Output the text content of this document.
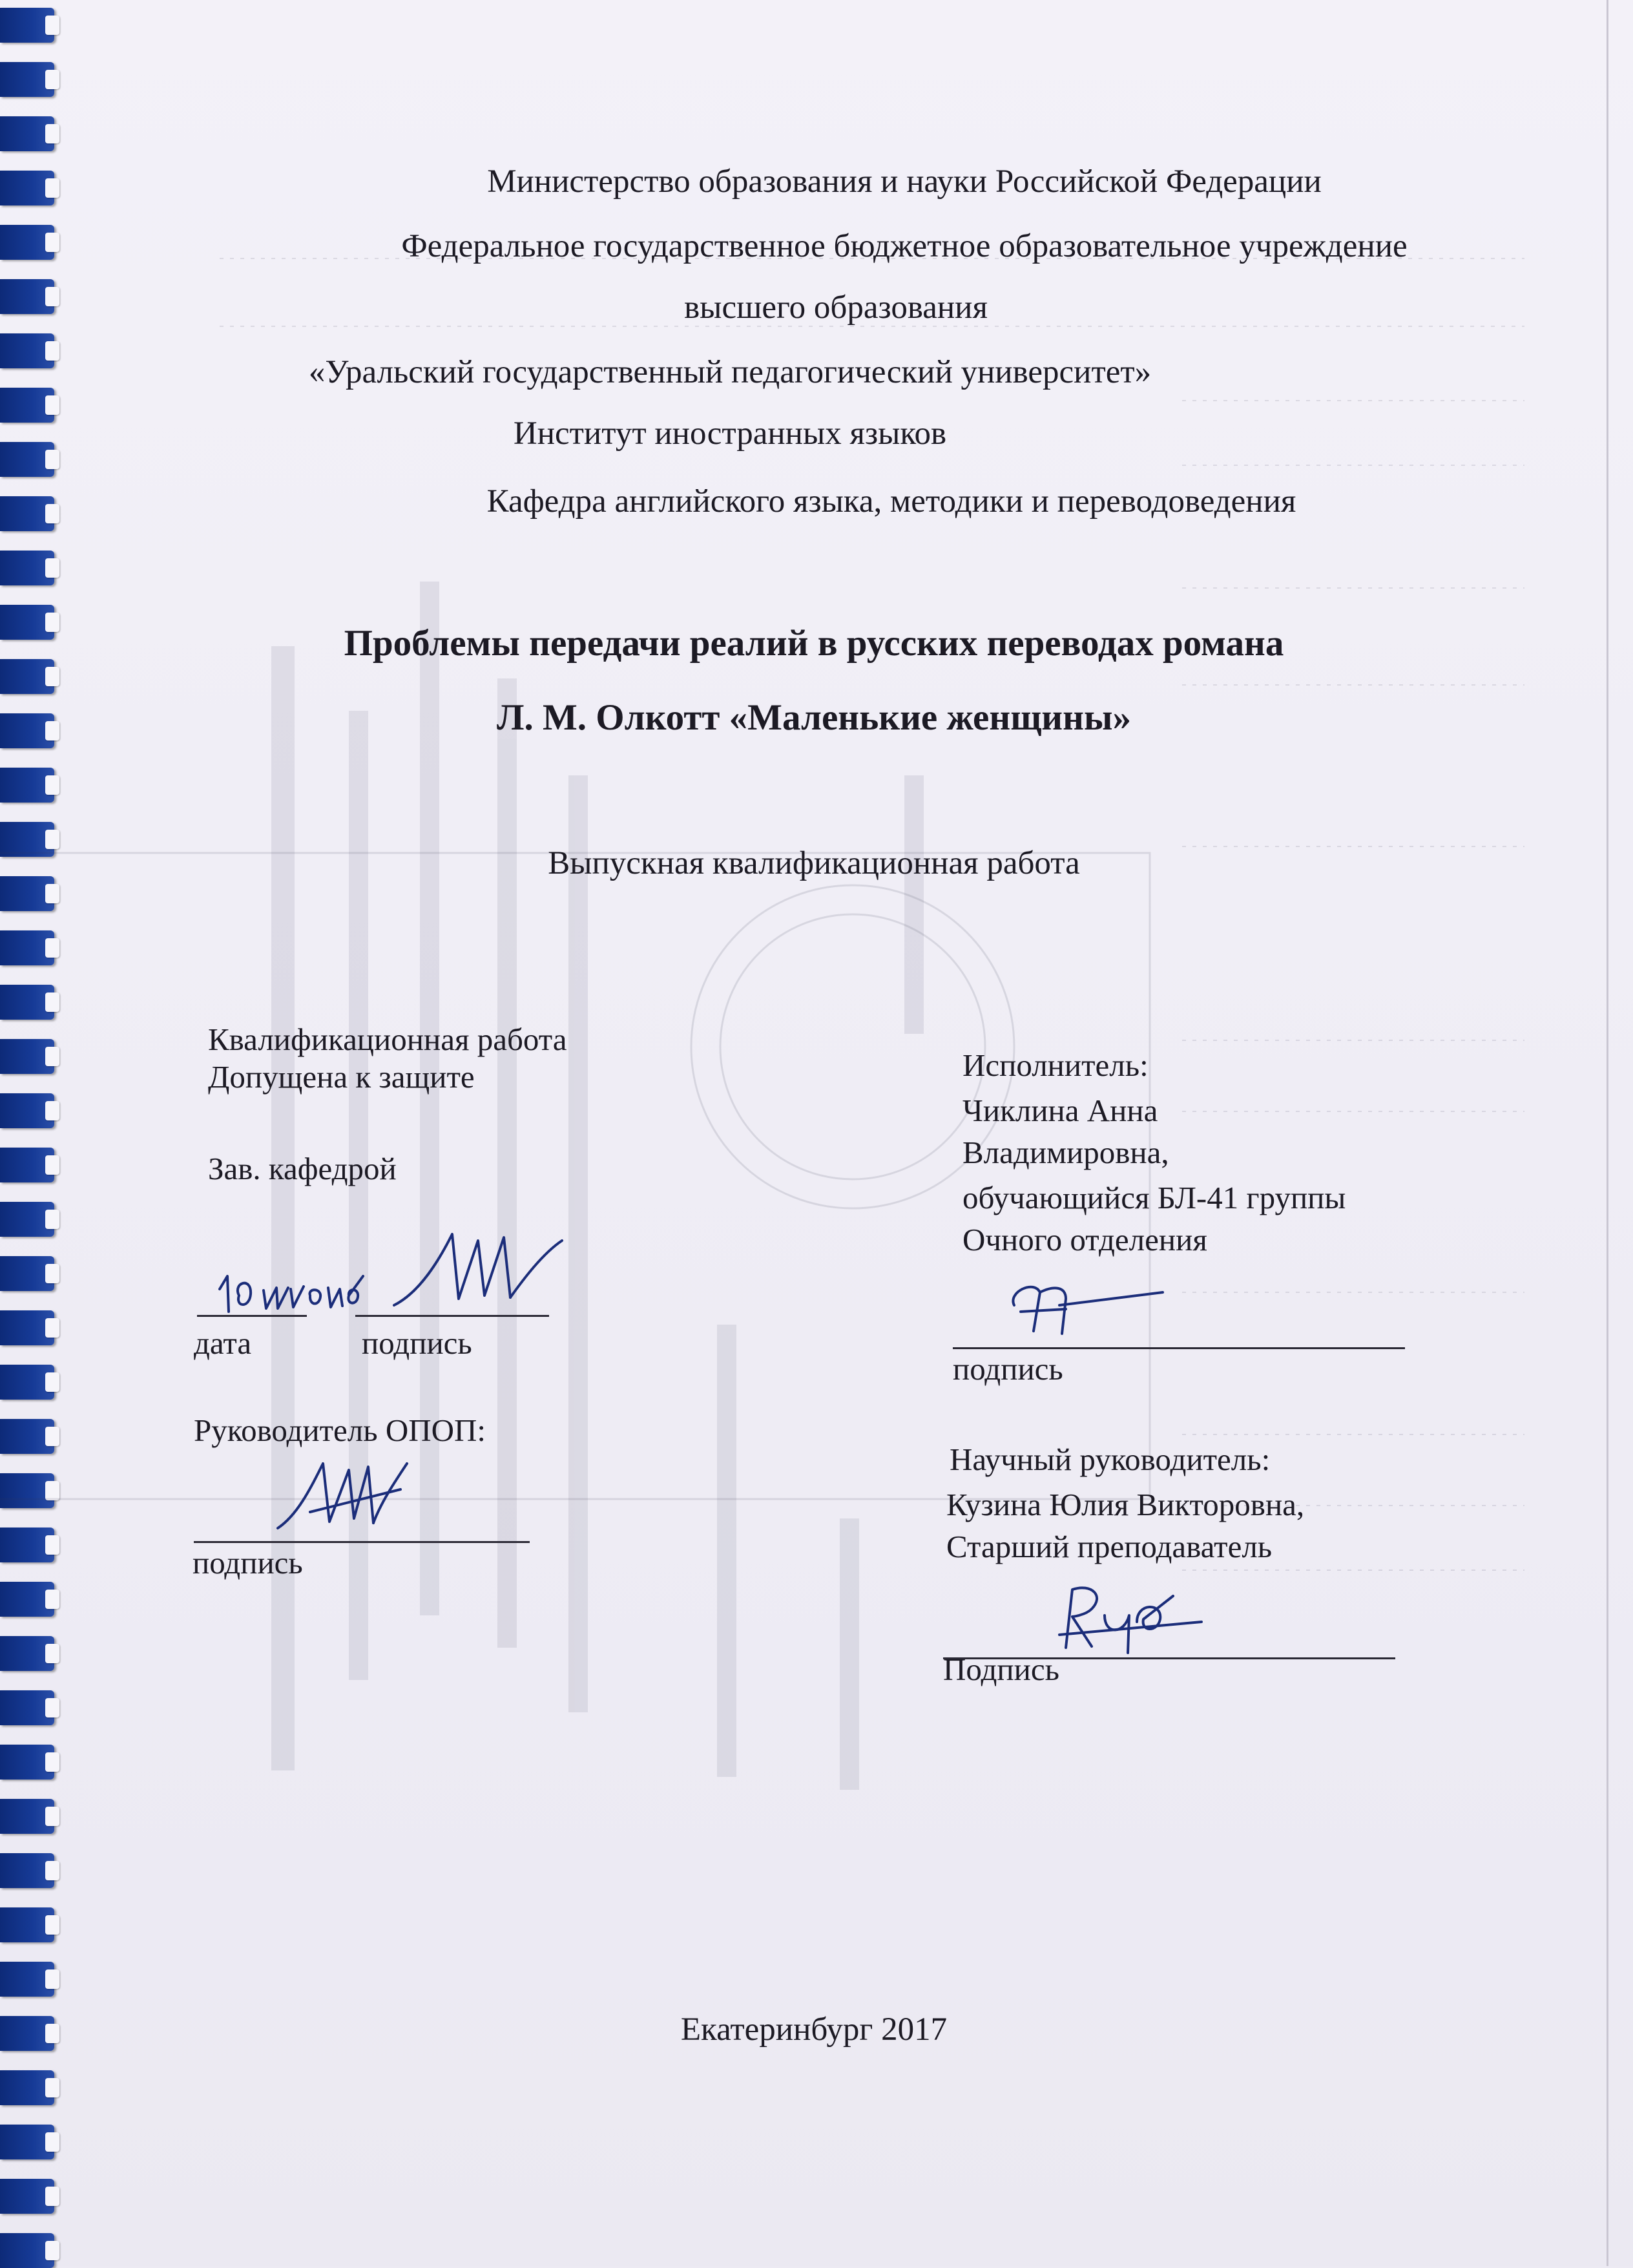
Министерство образования и науки Российской Федерации
Федеральное государственное бюджетное образовательное учреждение
высшего образования
«Уральский государственный педагогический университет»
Институт иностранных языков
Кафедра английского языка, методики и переводоведения
Проблемы передачи реалий в русских переводах романа
Л. М. Олкотт «Маленькие женщины»
Выпускная квалификационная работа
Квалификационная работа
Допущена к защите
Зав. кафедрой
дата	подпись
Руководитель ОПОП:
подпись
Исполнитель:
Чиклина Анна
Владимировна,
обучающийся БЛ-41 группы
Очного отделения
подпись
Научный руководитель:
Кузина Юлия Викторовна,
Старший преподаватель
Подпись
Екатеринбург 2017
